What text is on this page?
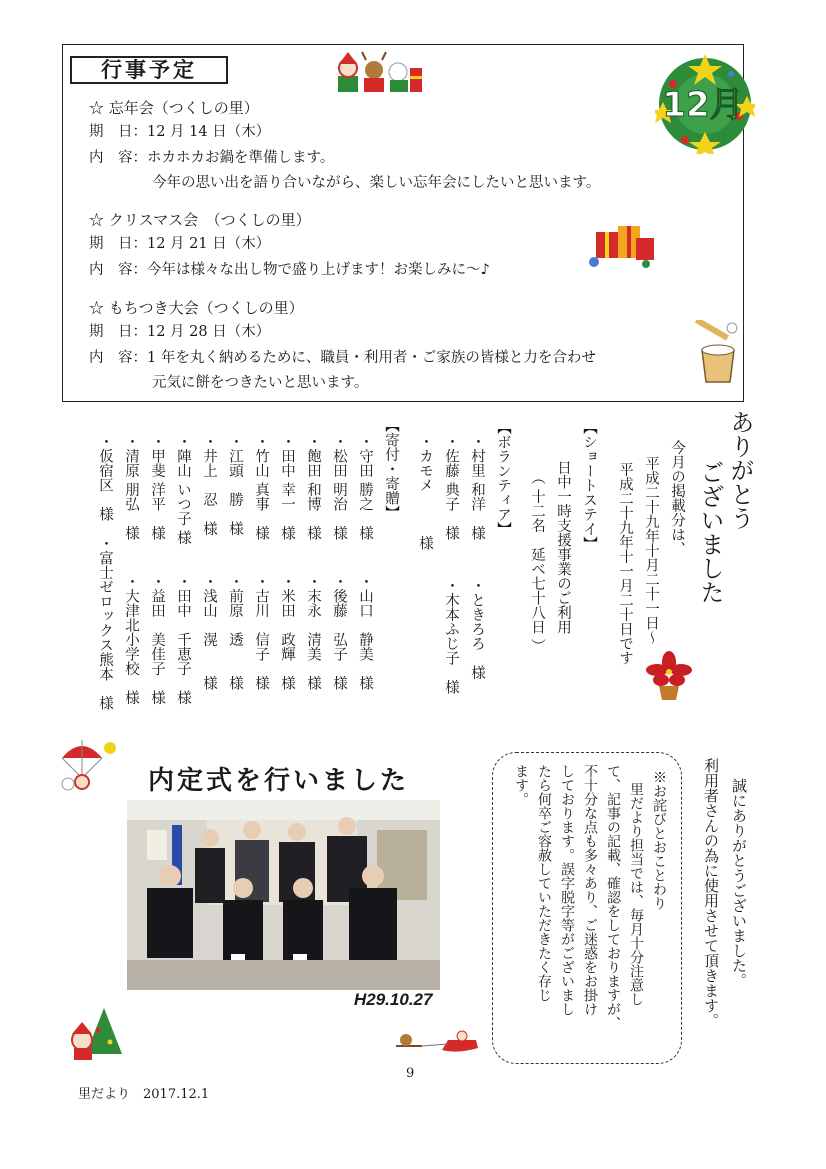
行事予定
12月
☆ 忘年会（つくしの里）
期　日：12 月 14 日（木）
内　容：ホカホカお鍋を準備します。
今年の思い出を語り合いながら、楽しい忘年会にしたいと思います。
☆ クリスマス会　（つくしの里）
期　日：12 月 21 日（木）
内　容：今年は様々な出し物で盛り上げます！お楽しみに～♪
☆ もちつき大会（つくしの里）
期　日：12 月 28 日（木）
内　容：1 年を丸く納めるために、職員・利用者・ご家族の皆様と力を合わせ
元気に餅をつきたいと思います。
ありがとう
ございました
今月の掲載分は、
平成二十九年十月二十一日～
平成二十九年十一月二十日です
【ショートステイ】
日中一時支援事業のご利用
（ 十二名　延べ七十八日 ）
【ボランティア】
・村里 和洋　様
・ときろろ　様
・佐藤 典子　様
・木本ふじ子　様
・カモメ　　　様
【寄付・寄贈】
・守田 勝之　様
・山口　静美　様
・松田 明治　様
・後藤　弘子　様
・飽田 和博　様
・末永　清美　様
・田中 幸一　様
・米田　政輝　様
・竹山 真事　様
・古川　信子　様
・江頭　勝　様
・前原　透　　様
・井上　忍　様
・浅山　滉　　様
・陣山 いつ子 様
・田中　千恵子　様
・甲斐 洋平　様
・益田　美佳子　様
・清原 朋弘　様
・大津北小学校　様
・仮宿区　様
・富士ゼロックス熊本　様
誠にありがとうございました。
利用者さんの為に使用させて頂きます。
※お詫びとおことわり
里だより担当では、毎月十分注意し
て、記事の記載、確認をしておりますが、
不十分な点も多々あり、ご迷惑をお掛け
しております。誤字脱字等がございまし
たら何卒ご容赦していただきたく存じ
ます。
内定式を行いました
H29.10.27
9
里だより　2017.12.1
